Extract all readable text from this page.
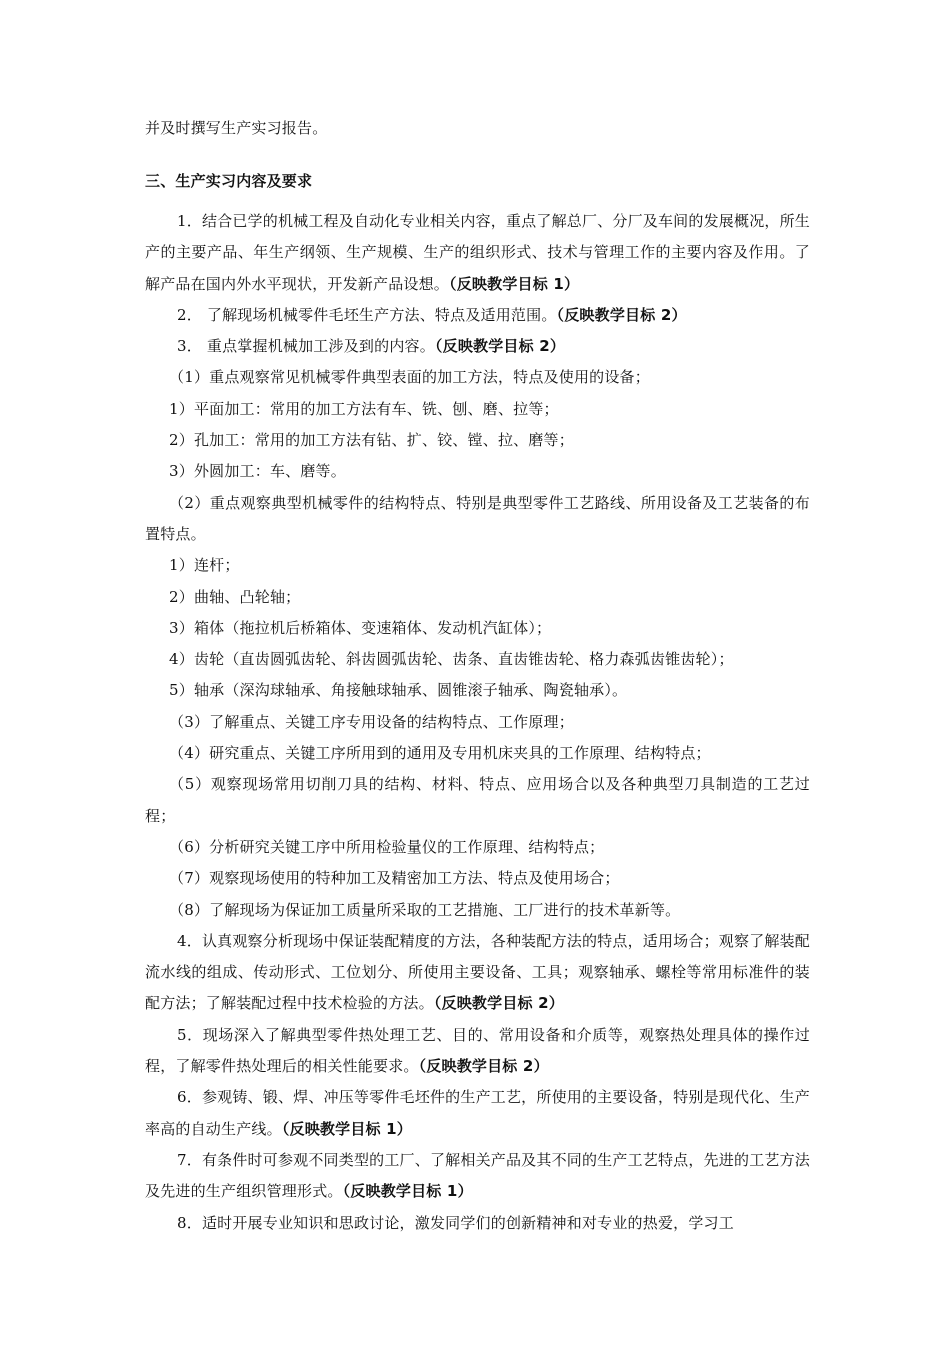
并及时撰写生产实习报告。

三、生产实习内容及要求

1．结合已学的机械工程及自动化专业相关内容，重点了解总厂、分厂及车间的发展概况，所生产的主要产品、年生产纲领、生产规模、生产的组织形式、技术与管理工作的主要内容及作用。了解产品在国内外水平现状，开发新产品设想。（反映教学目标 1）

2． 了解现场机械零件毛坯生产方法、特点及适用范围。（反映教学目标 2）

3． 重点掌握机械加工涉及到的内容。（反映教学目标 2）

（1）重点观察常见机械零件典型表面的加工方法，特点及使用的设备；

1）平面加工：常用的加工方法有车、铣、刨、磨、拉等；

2）孔加工：常用的加工方法有钻、扩、铰、镗、拉、磨等；

3）外圆加工：车、磨等。

（2）重点观察典型机械零件的结构特点、特别是典型零件工艺路线、所用设备及工艺装备的布置特点。

1）连杆；

2）曲轴、凸轮轴；

3）箱体（拖拉机后桥箱体、变速箱体、发动机汽缸体）；

4）齿轮（直齿圆弧齿轮、斜齿圆弧齿轮、齿条、直齿锥齿轮、格力森弧齿锥齿轮）；

5）轴承（深沟球轴承、角接触球轴承、圆锥滚子轴承、陶瓷轴承）。

（3）了解重点、关键工序专用设备的结构特点、工作原理；

（4）研究重点、关键工序所用到的通用及专用机床夹具的工作原理、结构特点；

（5）观察现场常用切削刀具的结构、材料、特点、应用场合以及各种典型刀具制造的工艺过程；

（6）分析研究关键工序中所用检验量仪的工作原理、结构特点；

（7）观察现场使用的特种加工及精密加工方法、特点及使用场合；

（8）了解现场为保证加工质量所采取的工艺措施、工厂进行的技术革新等。

4．认真观察分析现场中保证装配精度的方法，各种装配方法的特点，适用场合；观察了解装配流水线的组成、传动形式、工位划分、所使用主要设备、工具；观察轴承、螺栓等常用标准件的装配方法；了解装配过程中技术检验的方法。（反映教学目标 2）

5．现场深入了解典型零件热处理工艺、目的、常用设备和介质等，观察热处理具体的操作过程，了解零件热处理后的相关性能要求。（反映教学目标 2）

6．参观铸、锻、焊、冲压等零件毛坯件的生产工艺，所使用的主要设备，特别是现代化、生产率高的自动生产线。（反映教学目标 1）

7．有条件时可参观不同类型的工厂、了解相关产品及其不同的生产工艺特点，先进的工艺方法及先进的生产组织管理形式。（反映教学目标 1）

8．适时开展专业知识和思政讨论，激发同学们的创新精神和对专业的热爱，学习工
